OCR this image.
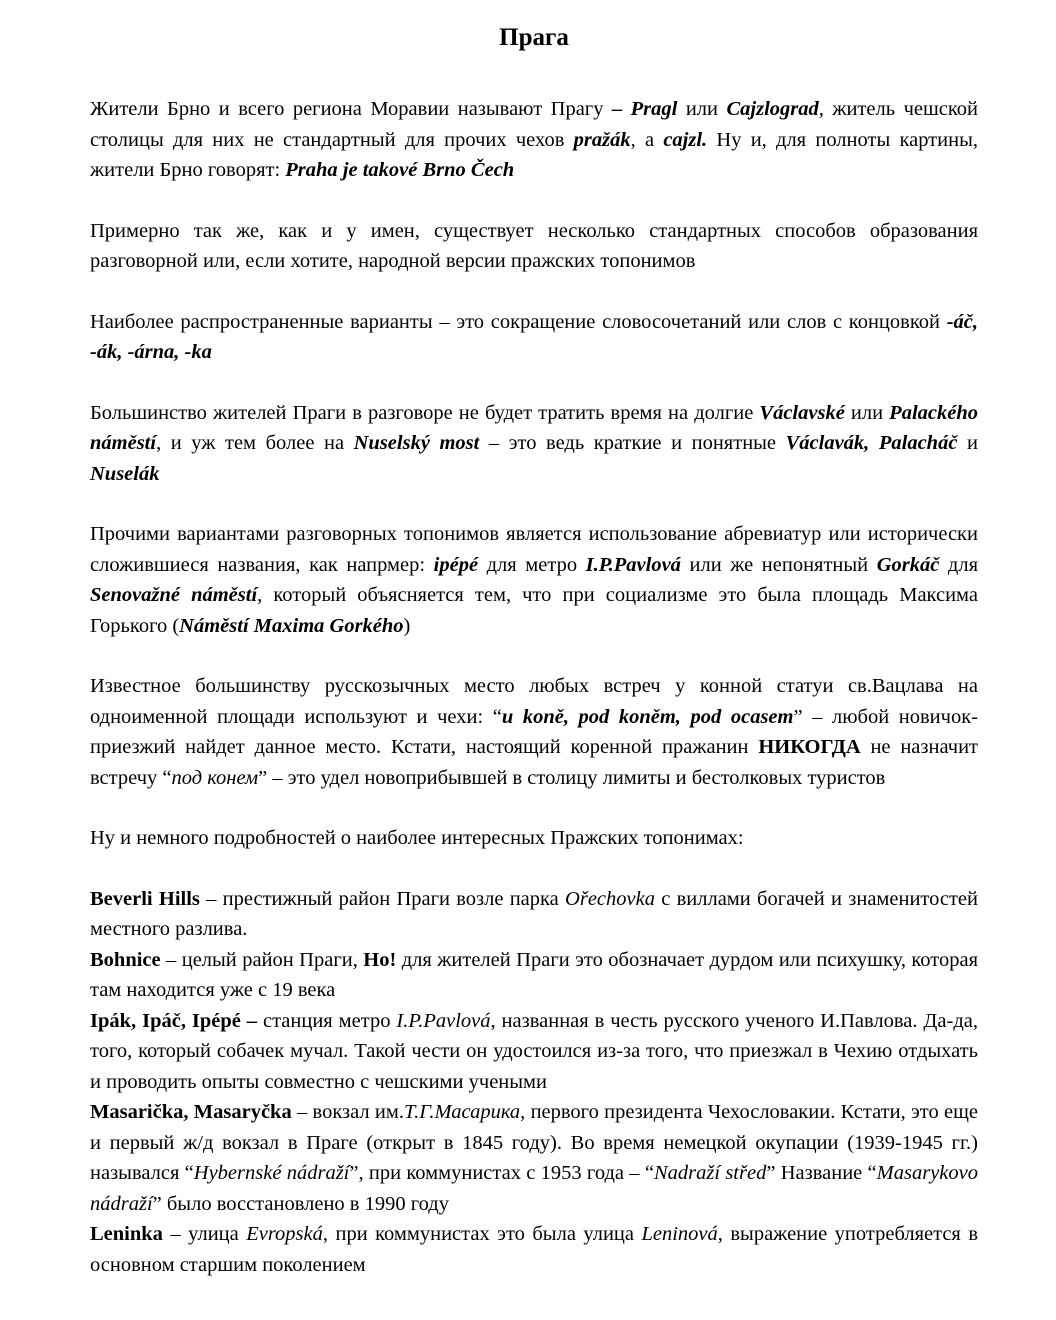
Прага
Жители Брно и всего региона Моравии называют Прагу – Pragl или Cajzlograd, житель чешской столицы для них не стандартный для прочих чехов pražák, а cajzl. Ну и, для полноты картины, жители Брно говорят: Praha je takové Brno Čech
Примерно так же, как и у имен, существует несколько стандартных способов образования разговорной или, если хотите, народной версии пражских топонимов
Наиболее распространенные варианты – это сокращение словосочетаний или слов с концовкой -áč, -ák, -árna, -ka
Большинство жителей Праги в разговоре не будет тратить время на долгие Václavské или Palackého náměstí, и уж тем более на Nuselský most – это ведь краткие и понятные Václavák, Palacháč и Nuselák
Прочими вариантами разговорных топонимов является использование абревиатур или исторически сложившиеся названия, как напрмер: ipépé для метро I.P.Pavlová или же непонятный Gorkáč для Senovažné náměstí, который объясняется тем, что при социализме это была площадь Максима Горького (Náměstí Maxima Gorkého)
Известное большинству русскозычных место любых встреч у конной статуи св.Вацлава на одноименной площади используют и чехи: “u koně, pod koněm, pod ocasem” – любой новичок-приезжий найдет данное место. Кстати, настоящий коренной пражанин НИКОГДА не назначит встречу “под конем” – это удел новоприбывшей в столицу лимиты и бестолковых туристов
Ну и немного подробностей о наиболее интересных Пражских топонимах:
Beverli Hills – престижный район Праги возле парка Ořechovka с виллами богачей и знаменитостей местного разлива.
Bohnice – целый район Праги, Но! для жителей Праги это обозначает дурдом или психушку, которая там находится уже с 19 века
Ipák, Ipáč, Ipépé – станция метро I.P.Pavlová, названная в честь русского ученого И.Павлова. Да-да, того, который собачек мучал. Такой чести он удостоился из-за того, что приезжал в Чехию отдыхать и проводить опыты совместно с чешскими учеными
Masarička, Masaryčka – вокзал им.Т.Г.Масарика, первого президента Чехословакии. Кстати, это еще и первый ж/д вокзал в Праге (открыт в 1845 году). Во время немецкой окупации (1939-1945 гг.) назывался “Hybernské nádraží”, при коммунистах с 1953 года – “Nadraží střed” Название “Masarykovo nádraží” было восстановлено в 1990 году
Leninka – улица Evropská, при коммунистах это была улица Leninová, выражение употребляется в основном старшим поколением
